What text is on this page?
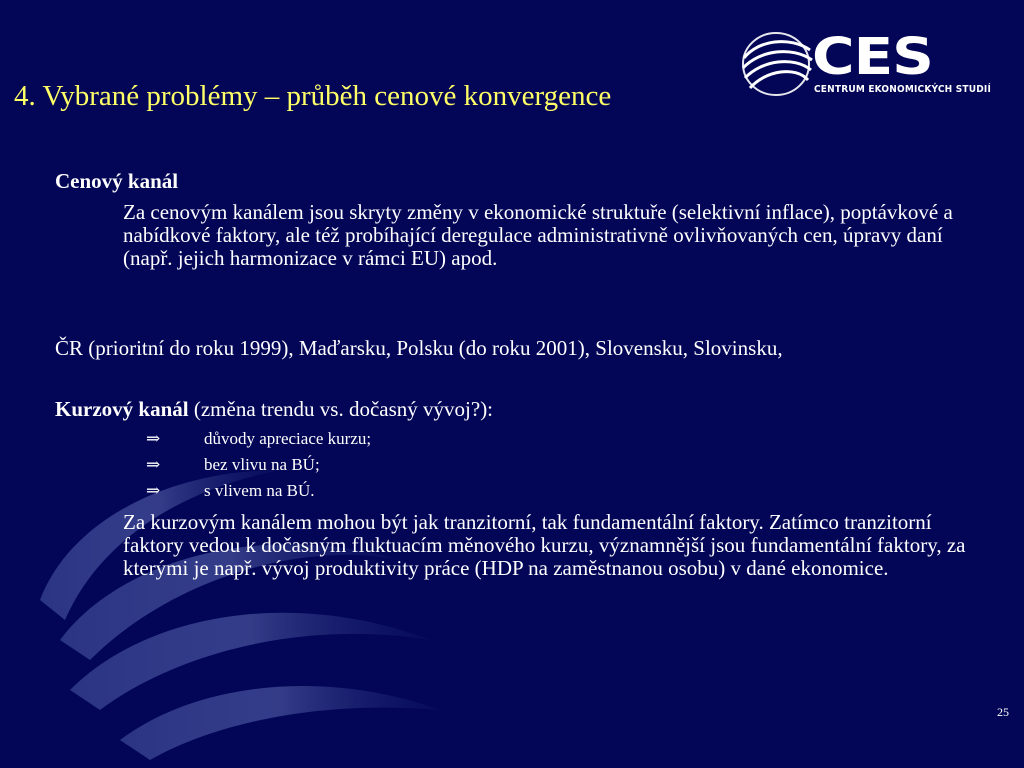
4. Vybrané problémy – průběh cenové konvergence
CES
CENTRUM EKONOMICKÝCH STUDIÍ
Cenový kanál
Za cenovým kanálem jsou skryty změny v ekonomické struktuře (selektivní inflace), poptávkové a nabídkové faktory, ale též probíhající deregulace administrativně ovlivňovaných cen, úpravy daní (např. jejich harmonizace v rámci EU) apod.
ČR (prioritní do roku 1999), Maďarsku, Polsku (do roku 2001), Slovensku, Slovinsku,
Kurzový kanál (změna trendu vs. dočasný vývoj?):
⇒	důvody apreciace kurzu;
⇒	bez vlivu na BÚ;
⇒	s vlivem na BÚ.
Za kurzovým kanálem mohou být jak tranzitorní, tak fundamentální faktory. Zatímco tranzitorní faktory vedou k dočasným fluktuacím měnového kurzu, významnější jsou fundamentální faktory, za kterými je např. vývoj produktivity práce (HDP na zaměstnanou osobu) v dané ekonomice.
25
